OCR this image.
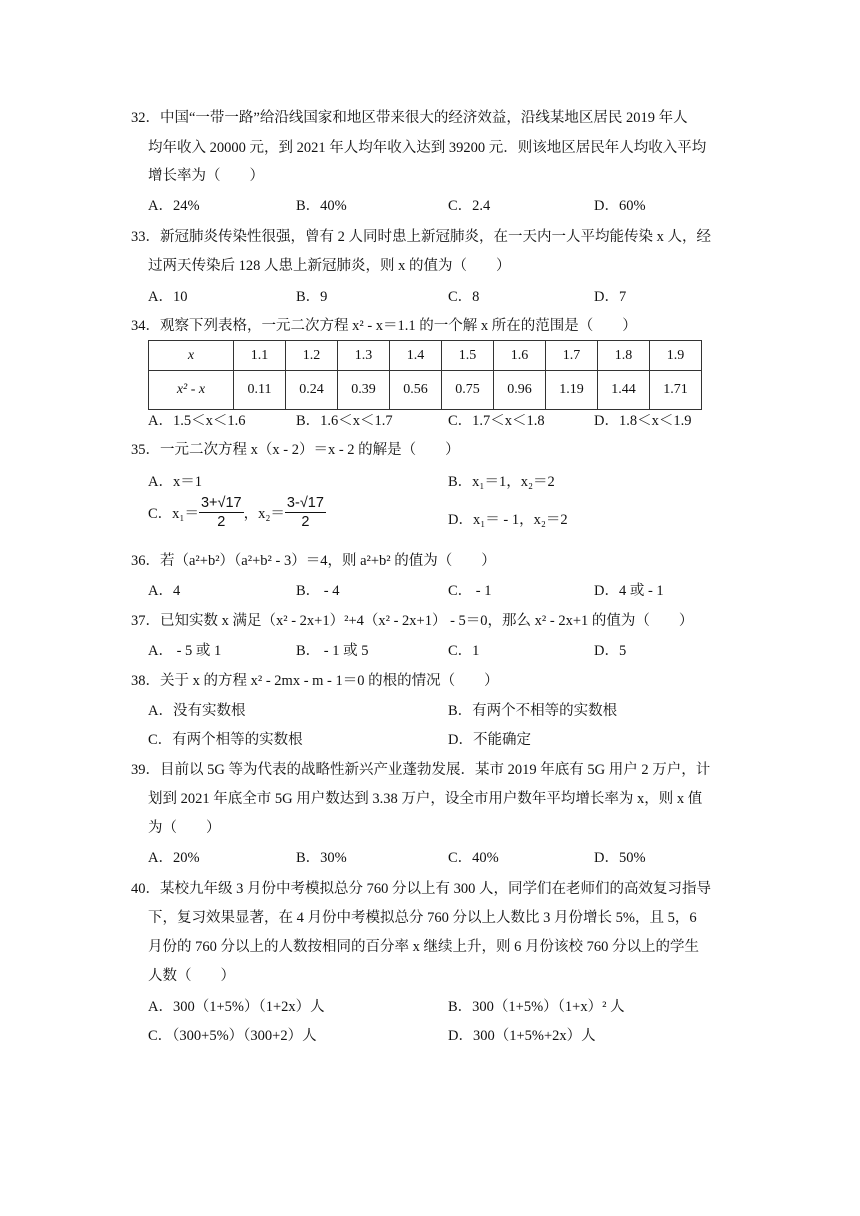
32．中国“一带一路”给沿线国家和地区带来很大的经济效益，沿线某地区居民 2019 年人
均年收入 20000 元，到 2021 年人均年收入达到 39200 元．则该地区居民年人均收入平均
增长率为（　　）
A．24%	B．40%	C．2.4	D．60%
33．新冠肺炎传染性很强，曾有 2 人同时患上新冠肺炎，在一天内一人平均能传染 x 人，经
过两天传染后 128 人患上新冠肺炎，则 x 的值为（　　）
A．10	B．9	C．8	D．7
34．观察下列表格，一元二次方程 x² - x＝1.1 的一个解 x 所在的范围是（　　）
x	1.1	1.2	1.3	1.4	1.5	1.6	1.7	1.8	1.9
x² - x	0.11	0.24	0.39	0.56	0.75	0.96	1.19	1.44	1.71
A．1.5＜x＜1.6	B．1.6＜x＜1.7	C．1.7＜x＜1.8	D．1.8＜x＜1.9
35．一元二次方程 x（x - 2）＝x - 2 的解是（　　）
A．x＝1	B．x₁＝1，x₂＝2
C．$x_1= \frac{3+√17}{2}$ ，$x_2= \frac{3-√17}{2}$	D．x₁＝ - 1，x₂＝2
36．若（a²+b²）（a²+b² - 3）＝4，则 a²+b² 的值为（　　）
A．4	B． - 4	C． - 1	D．4 或 - 1
37．已知实数 x 满足（x² - 2x+1）²+4（x² - 2x+1） - 5＝0，那么 x² - 2x+1 的值为（　　）
A． - 5 或 1	B． - 1 或 5	C．1	D．5
38．关于 x 的方程 x² - 2mx - m - 1＝0 的根的情况（　　）
A．没有实数根	B．有两个不相等的实数根
C．有两个相等的实数根	D．不能确定
39．目前以 5G 等为代表的战略性新兴产业蓬勃发展．某市 2019 年底有 5G 用户 2 万户，计
划到 2021 年底全市 5G 用户数达到 3.38 万户，设全市用户数年平均增长率为 x，则 x 值
为（　　）
A．20%	B．30%	C．40%	D．50%
40．某校九年级 3 月份中考模拟总分 760 分以上有 300 人，同学们在老师们的高效复习指导
下，复习效果显著，在 4 月份中考模拟总分 760 分以上人数比 3 月份增长 5%，且 5，6
月份的 760 分以上的人数按相同的百分率 x 继续上升，则 6 月份该校 760 分以上的学生
人数（　　）
A．300（1+5%）（1+2x）人	B．300（1+5%）（1+x）² 人
C．（300+5%）（300+2）人	D．300（1+5%+2x）人
